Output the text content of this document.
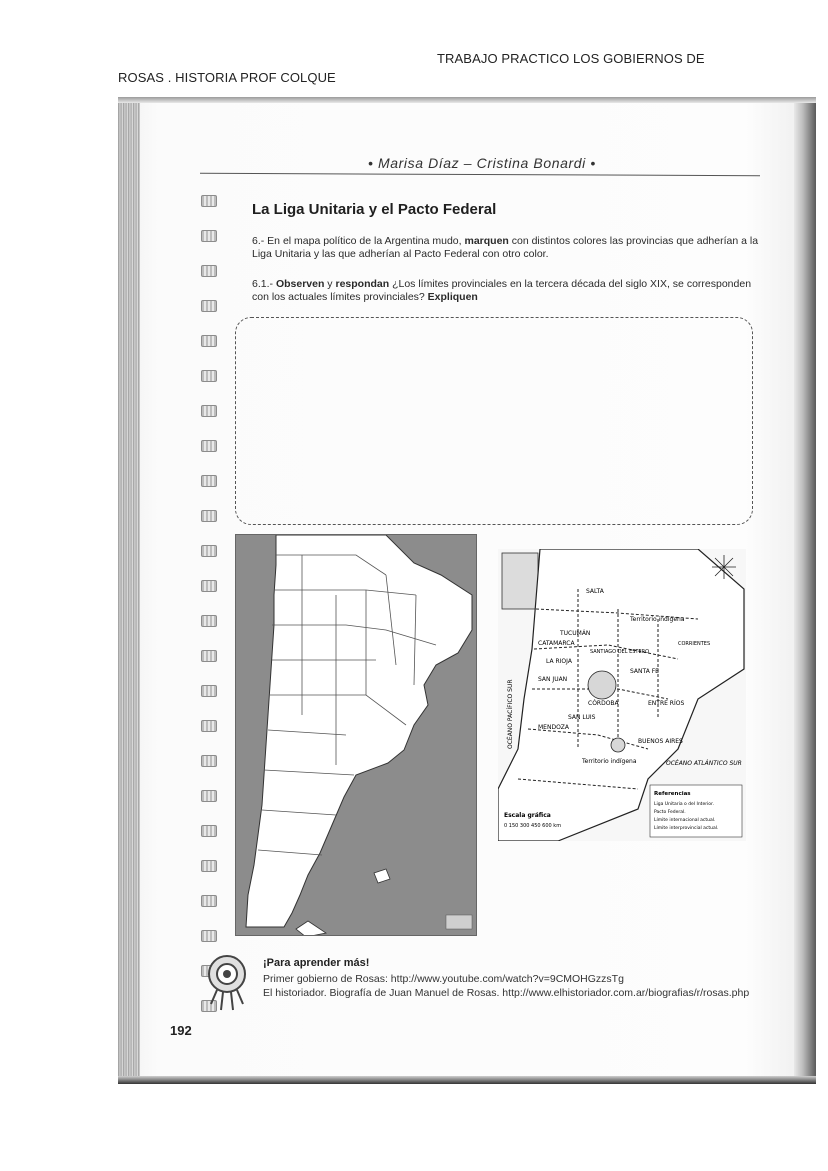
TRABAJO PRACTICO LOS GOBIERNOS DE
ROSAS . HISTORIA PROF COLQUE
• Marisa Díaz – Cristina Bonardi •
La Liga Unitaria y el Pacto Federal
6.- En el mapa político de la Argentina mudo, marquen con distintos colores las provincias que adherían a la Liga Unitaria y las que adherían al Pacto Federal con otro color.
6.1.- Observen y respondan ¿Los límites provinciales en la tercera década del siglo XIX, se corresponden con los actuales límites provinciales? Expliquen
SALTA
Territorio indígena
TUCUMÁN
CATAMARCA
SANTIAGO DEL ESTERO
CORRIENTES
LA RIOJA
SAN JUAN
SANTA FE
CÓRDOBA	ENTRE RÍOS
MENDOZA
SAN LUIS
BUENOS AIRES
Territorio indígena
OCÉANO PACÍFICO SUR
OCÉANO ATLÁNTICO SUR
Referencias
Liga Unitaria o del Interior.
Pacto Federal.
Límite internacional actual.
Límite interprovincial actual.
Escala gráfica
0 150 300 450 600 km
¡Para aprender más!
Primer gobierno de Rosas: http://www.youtube.com/watch?v=9CMOHGzzsTg
El historiador. Biografía de Juan Manuel de Rosas. http://www.elhistoriador.com.ar/biografias/r/rosas.php
192
